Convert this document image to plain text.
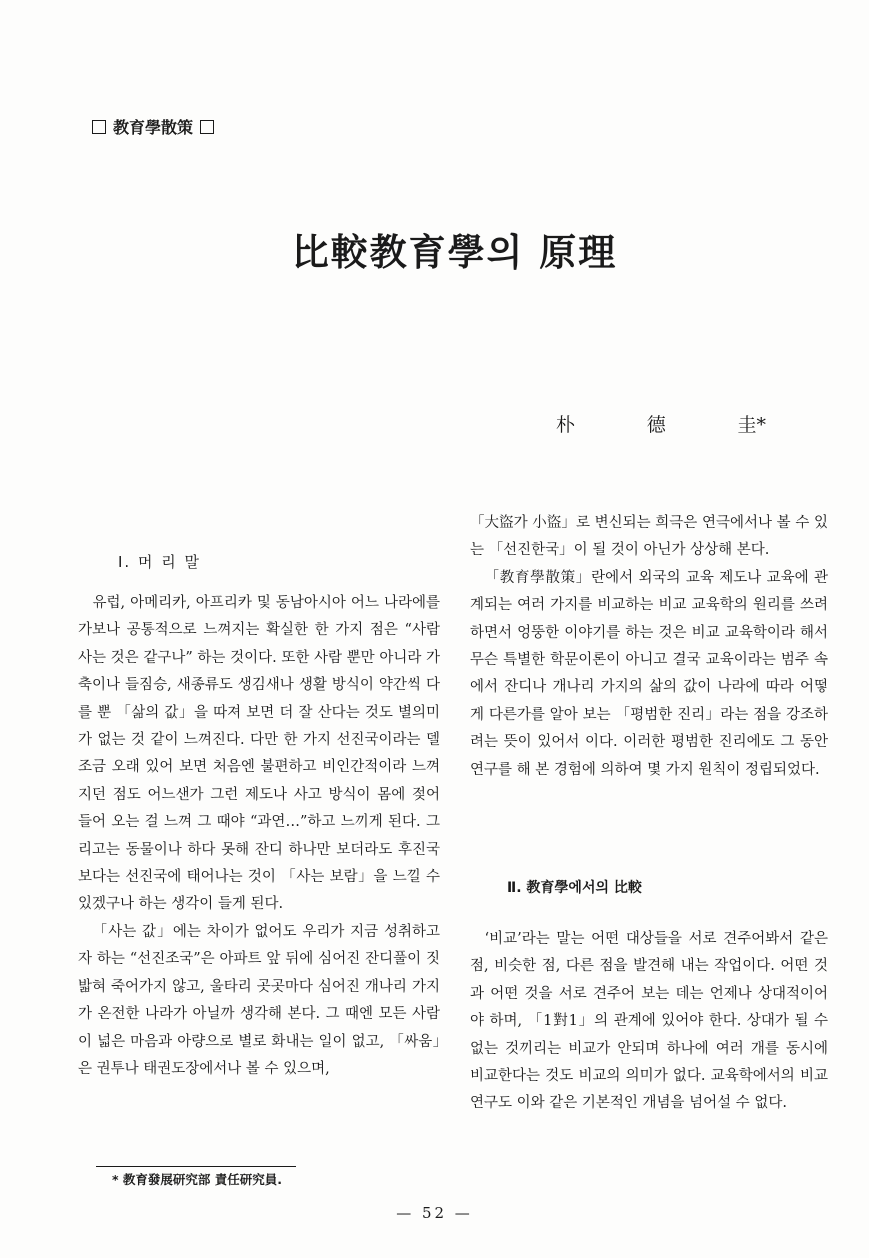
教育學散策
比較教育學의 原理
朴	德	圭*
Ⅰ. 머 리 말

유럽, 아메리카, 아프리카 및 동남아시아 어느 나라에를 가보나 공통적으로 느껴지는 확실한 한 가지 점은 “사람 사는 것은 같구나” 하는 것이다. 또한 사람 뿐만 아니라 가축이나 들짐승, 새종류도 생김새나 생활 방식이 약간씩 다를 뿐 「삶의 값」을 따져 보면 더 잘 산다는 것도 별의미가 없는 것 같이 느껴진다. 다만 한 가지 선진국이라는 델 조금 오래 있어 보면 처음엔 불편하고 비인간적이라 느껴지던 점도 어느샌가 그런 제도나 사고 방식이 몸에 젖어 들어 오는 걸 느껴 그 때야 “과연…”하고 느끼게 된다. 그리고는 동물이나 하다 못해 잔디 하나만 보더라도 후진국 보다는 선진국에 태어나는 것이 「사는 보람」을 느낄 수 있겠구나 하는 생각이 들게 된다.

「사는 값」에는 차이가 없어도 우리가 지금 성취하고자 하는 “선진조국”은 아파트 앞 뒤에 심어진 잔디풀이 짓밟혀 죽어가지 않고, 울타리 곳곳마다 심어진 개나리 가지가 온전한 나라가 아닐까 생각해 본다. 그 때엔 모든 사람이 넓은 마음과 아량으로 별로 화내는 일이 없고, 「싸움」은 권투나 태권도장에서나 볼 수 있으며,

「大盜가 小盜」로 변신되는 희극은 연극에서나 볼 수 있는 「선진한국」이 될 것이 아닌가 상상해 본다.

「教育學散策」란에서 외국의 교육 제도나 교육에 관계되는 여러 가지를 비교하는 비교 교육학의 원리를 쓰려 하면서 엉뚱한 이야기를 하는 것은 비교 교육학이라 해서 무슨 특별한 학문이론이 아니고 결국 교육이라는 범주 속에서 잔디나 개나리 가지의 삶의 값이 나라에 따라 어떻게 다른가를 알아 보는 「평범한 진리」라는 점을 강조하려는 뜻이 있어서 이다. 이러한 평범한 진리에도 그 동안 연구를 해 본 경험에 의하여 몇 가지 원칙이 정립되었다.

Ⅱ. 教育學에서의 比較

‘비교’라는 말는 어떤 대상들을 서로 견주어봐서 같은 점, 비슷한 점, 다른 점을 발견해 내는 작업이다. 어떤 것과 어떤 것을 서로 견주어 보는 데는 언제나 상대적이어야 하며, 「1對1」의 관계에 있어야 한다. 상대가 될 수 없는 것끼리는 비교가 안되며 하나에 여러 개를 동시에 비교한다는 것도 비교의 의미가 없다. 교육학에서의 비교 연구도 이와 같은 기본적인 개념을 넘어설 수 없다.

* 教育發展研究部 責任研究員.
— 52 —
